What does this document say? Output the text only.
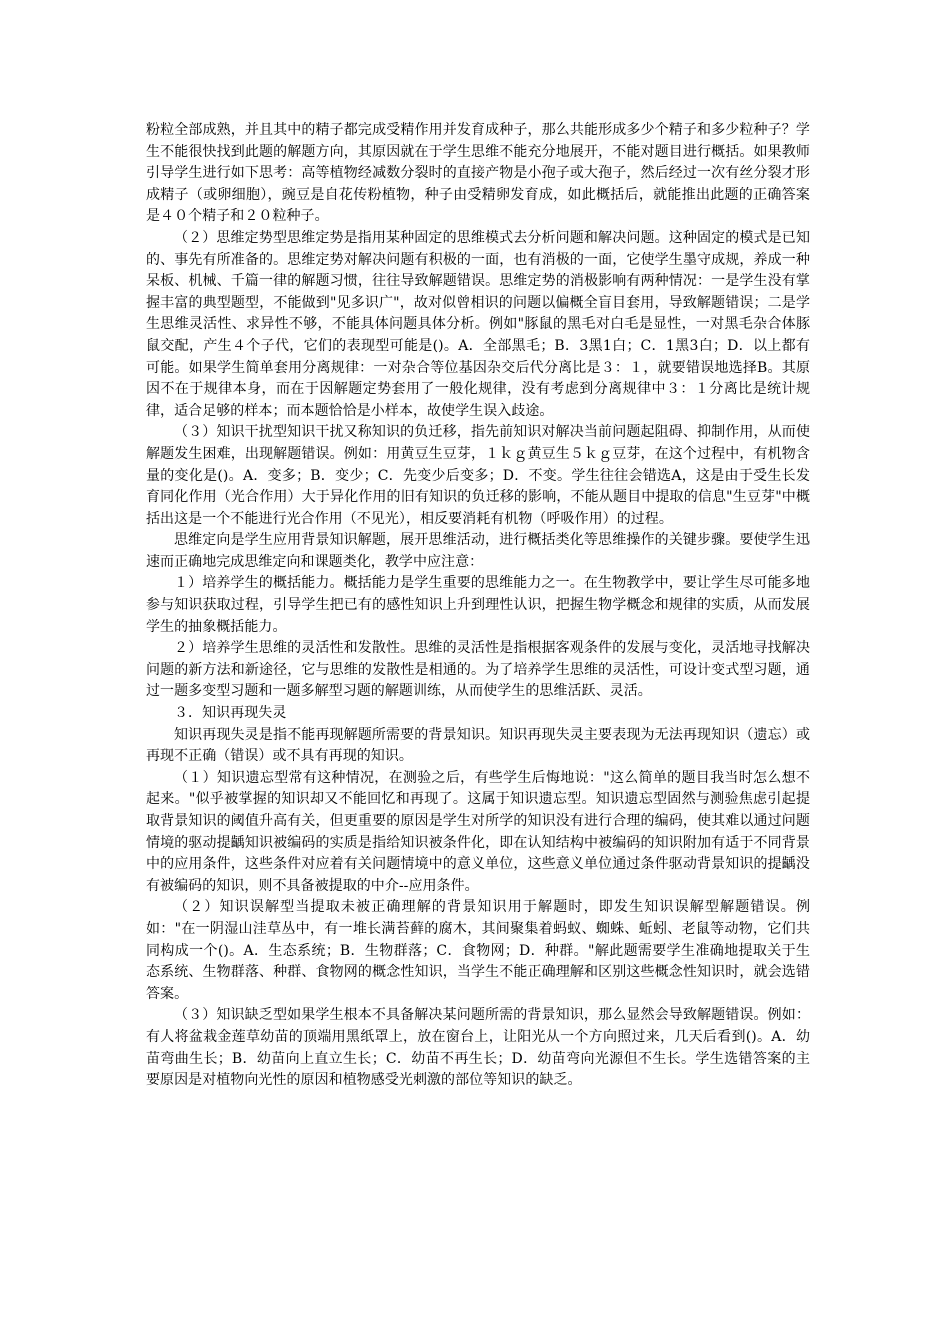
粉粒全部成熟，并且其中的精子都完成受精作用并发育成种子，那么共能形成多少个精子和多少粒种子？学生不能很快找到此题的解题方向，其原因就在于学生思维不能充分地展开，不能对题目进行概括。如果教师引导学生进行如下思考：高等植物经减数分裂时的直接产物是小孢子或大孢子，然后经过一次有丝分裂才形成精子（或卵细胞），豌豆是自花传粉植物，种子由受精卵发育成，如此概括后，就能推出此题的正确答案是４０个精子和２０粒种子。

（２）思维定势型思维定势是指用某种固定的思维模式去分析问题和解决问题。这种固定的模式是已知的、事先有所准备的。思维定势对解决问题有积极的一面，也有消极的一面，它使学生墨守成规，养成一种呆板、机械、千篇一律的解题习惯，往往导致解题错误。思维定势的消极影响有两种情况：一是学生没有掌握丰富的典型题型，不能做到"见多识广"，故对似曾相识的问题以偏概全盲目套用，导致解题错误；二是学生思维灵活性、求异性不够，不能具体问题具体分析。例如"豚鼠的黑毛对白毛是显性，一对黑毛杂合体豚鼠交配，产生４个子代，它们的表现型可能是()。A．全部黑毛；B．3黑1白；C．1黑3白；D．以上都有可能。如果学生简单套用分离规律：一对杂合等位基因杂交后代分离比是３：１，就要错误地选择B。其原因不在于规律本身，而在于因解题定势套用了一般化规律，没有考虑到分离规律中３：１分离比是统计规律，适合足够的样本；而本题恰恰是小样本，故使学生误入歧途。

（３）知识干扰型知识干扰又称知识的负迁移，指先前知识对解决当前问题起阻碍、抑制作用，从而使解题发生困难，出现解题错误。例如：用黄豆生豆芽，１ｋｇ黄豆生５ｋｇ豆芽，在这个过程中，有机物含量的变化是()。A．变多；B．变少；C．先变少后变多；D．不变。学生往往会错选A，这是由于受生长发育同化作用（光合作用）大于异化作用的旧有知识的负迁移的影响，不能从题目中提取的信息"生豆芽"中概括出这是一个不能进行光合作用（不见光），相反要消耗有机物（呼吸作用）的过程。

思维定向是学生应用背景知识解题，展开思维活动，进行概括类化等思维操作的关键步骤。要使学生迅速而正确地完成思维定向和课题类化，教学中应注意：

１）培养学生的概括能力。概括能力是学生重要的思维能力之一。在生物教学中，要让学生尽可能多地参与知识获取过程，引导学生把已有的感性知识上升到理性认识，把握生物学概念和规律的实质，从而发展学生的抽象概括能力。

２）培养学生思维的灵活性和发散性。思维的灵活性是指根据客观条件的发展与变化，灵活地寻找解决问题的新方法和新途径，它与思维的发散性是相通的。为了培养学生思维的灵活性，可设计变式型习题，通过一题多变型习题和一题多解型习题的解题训练，从而使学生的思维活跃、灵活。

３．知识再现失灵

知识再现失灵是指不能再现解题所需要的背景知识。知识再现失灵主要表现为无法再现知识（遗忘）或再现不正确（错误）或不具有再现的知识。

（１）知识遗忘型常有这种情况，在测验之后，有些学生后悔地说："这么简单的题目我当时怎么想不起来。"似乎被掌握的知识却又不能回忆和再现了。这属于知识遗忘型。知识遗忘型固然与测验焦虑引起提取背景知识的阈值升高有关，但更重要的原因是学生对所学的知识没有进行合理的编码，使其难以通过问题情境的驱动提齲知识被编码的实质是指给知识被条件化，即在认知结构中被编码的知识附加有适于不同背景中的应用条件，这些条件对应着有关问题情境中的意义单位，这些意义单位通过条件驱动背景知识的提齲没有被编码的知识，则不具备被提取的中介--应用条件。

（２）知识误解型当提取未被正确理解的背景知识用于解题时，即发生知识误解型解题错误。例如："在一阴湿山洼草丛中，有一堆长满苔藓的腐木，其间聚集着蚂蚁、蜘蛛、蚯蚓、老鼠等动物，它们共同构成一个()。A．生态系统；B．生物群落；C．食物网；D．种群。"解此题需要学生准确地提取关于生态系统、生物群落、种群、食物网的概念性知识，当学生不能正确理解和区别这些概念性知识时，就会选错答案。

（３）知识缺乏型如果学生根本不具备解决某问题所需的背景知识，那么显然会导致解题错误。例如：有人将盆栽金莲草幼苗的顶端用黑纸罩上，放在窗台上，让阳光从一个方向照过来，几天后看到()。A．幼苗弯曲生长；B．幼苗向上直立生长；C．幼苗不再生长；D．幼苗弯向光源但不生长。学生选错答案的主要原因是对植物向光性的原因和植物感受光刺激的部位等知识的缺乏。
